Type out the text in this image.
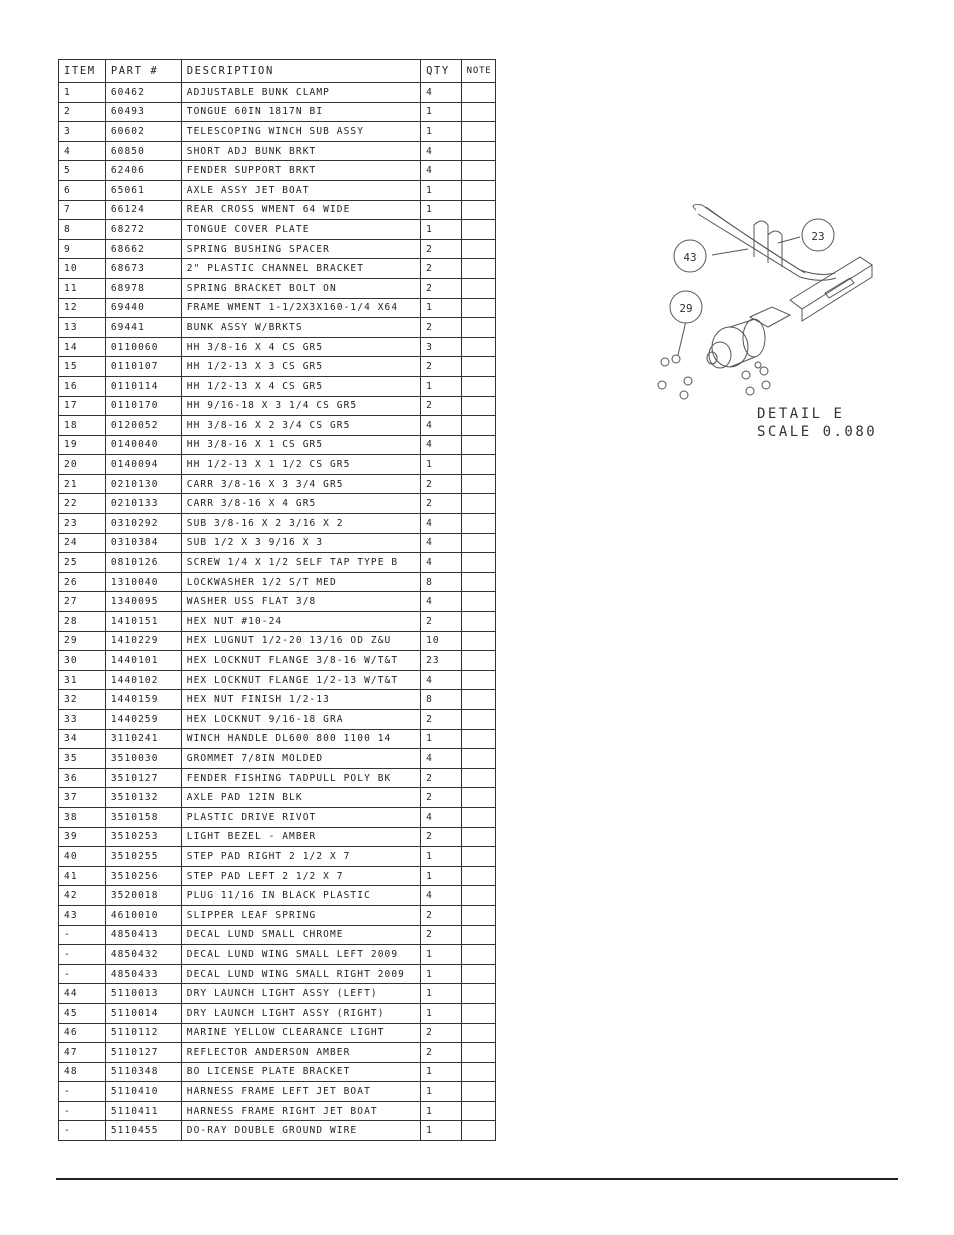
ITEM	PART #	DESCRIPTION	QTY	NOTE
1	60462	ADJUSTABLE BUNK CLAMP	4	
2	60493	TONGUE 60IN 1817N BI	1	
3	60602	TELESCOPING WINCH SUB ASSY	1	
4	60850	SHORT ADJ BUNK BRKT	4	
5	62406	FENDER SUPPORT BRKT	4	
6	65061	AXLE ASSY JET BOAT	1	
7	66124	REAR CROSS WMENT 64 WIDE	1	
8	68272	TONGUE COVER PLATE	1	
9	68662	SPRING BUSHING SPACER	2	
10	68673	2" PLASTIC CHANNEL BRACKET	2	
11	68978	SPRING BRACKET BOLT ON	2	
12	69440	FRAME WMENT 1-1/2X3X160-1/4 X64	1	
13	69441	BUNK ASSY W/BRKTS	2	
14	0110060	HH 3/8-16 X 4 CS GR5	3	
15	0110107	HH 1/2-13 X 3 CS GR5	2	
16	0110114	HH 1/2-13 X 4 CS GR5	1	
17	0110170	HH 9/16-18 X 3 1/4 CS GR5	2	
18	0120052	HH 3/8-16 X 2 3/4 CS GR5	4	
19	0140040	HH 3/8-16 X 1 CS GR5	4	
20	0140094	HH 1/2-13 X 1 1/2 CS GR5	1	
21	0210130	CARR 3/8-16 X 3 3/4 GR5	2	
22	0210133	CARR 3/8-16 X 4 GR5	2	
23	0310292	SUB 3/8-16 X 2 3/16 X 2	4	
24	0310384	SUB 1/2 X 3 9/16 X 3	4	
25	0810126	SCREW 1/4 X 1/2 SELF TAP TYPE B	4	
26	1310040	LOCKWASHER 1/2 S/T MED	8	
27	1340095	WASHER USS FLAT 3/8	4	
28	1410151	HEX NUT #10-24	2	
29	1410229	HEX LUGNUT 1/2-20 13/16 OD Z&U	10	
30	1440101	HEX LOCKNUT FLANGE 3/8-16 W/T&T	23	
31	1440102	HEX LOCKNUT FLANGE 1/2-13 W/T&T	4	
32	1440159	HEX NUT FINISH 1/2-13	8	
33	1440259	HEX LOCKNUT 9/16-18 GRA	2	
34	3110241	WINCH HANDLE DL600 800 1100 14	1	
35	3510030	GROMMET 7/8IN MOLDED	4	
36	3510127	FENDER FISHING TADPULL POLY BK	2	
37	3510132	AXLE PAD 12IN BLK	2	
38	3510158	PLASTIC DRIVE RIVOT	4	
39	3510253	LIGHT BEZEL - AMBER	2	
40	3510255	STEP PAD RIGHT 2 1/2 X 7	1	
41	3510256	STEP PAD LEFT 2 1/2 X 7	1	
42	3520018	PLUG 11/16 IN BLACK PLASTIC	4	
43	4610010	SLIPPER LEAF SPRING	2	
-	4850413	DECAL LUND SMALL CHROME	2	
-	4850432	DECAL LUND WING SMALL LEFT 2009	1	
-	4850433	DECAL LUND WING SMALL RIGHT 2009	1	
44	5110013	DRY LAUNCH LIGHT ASSY (LEFT)	1	
45	5110014	DRY LAUNCH LIGHT ASSY (RIGHT)	1	
46	5110112	MARINE YELLOW CLEARANCE LIGHT	2	
47	5110127	REFLECTOR ANDERSON AMBER	2	
48	5110348	BO LICENSE PLATE BRACKET	1	
-	5110410	HARNESS FRAME LEFT JET BOAT	1	
-	5110411	HARNESS FRAME RIGHT JET BOAT	1	
-	5110455	DO-RAY DOUBLE GROUND WIRE	1	
23
43
29
DETAIL E
SCALE 0.080
